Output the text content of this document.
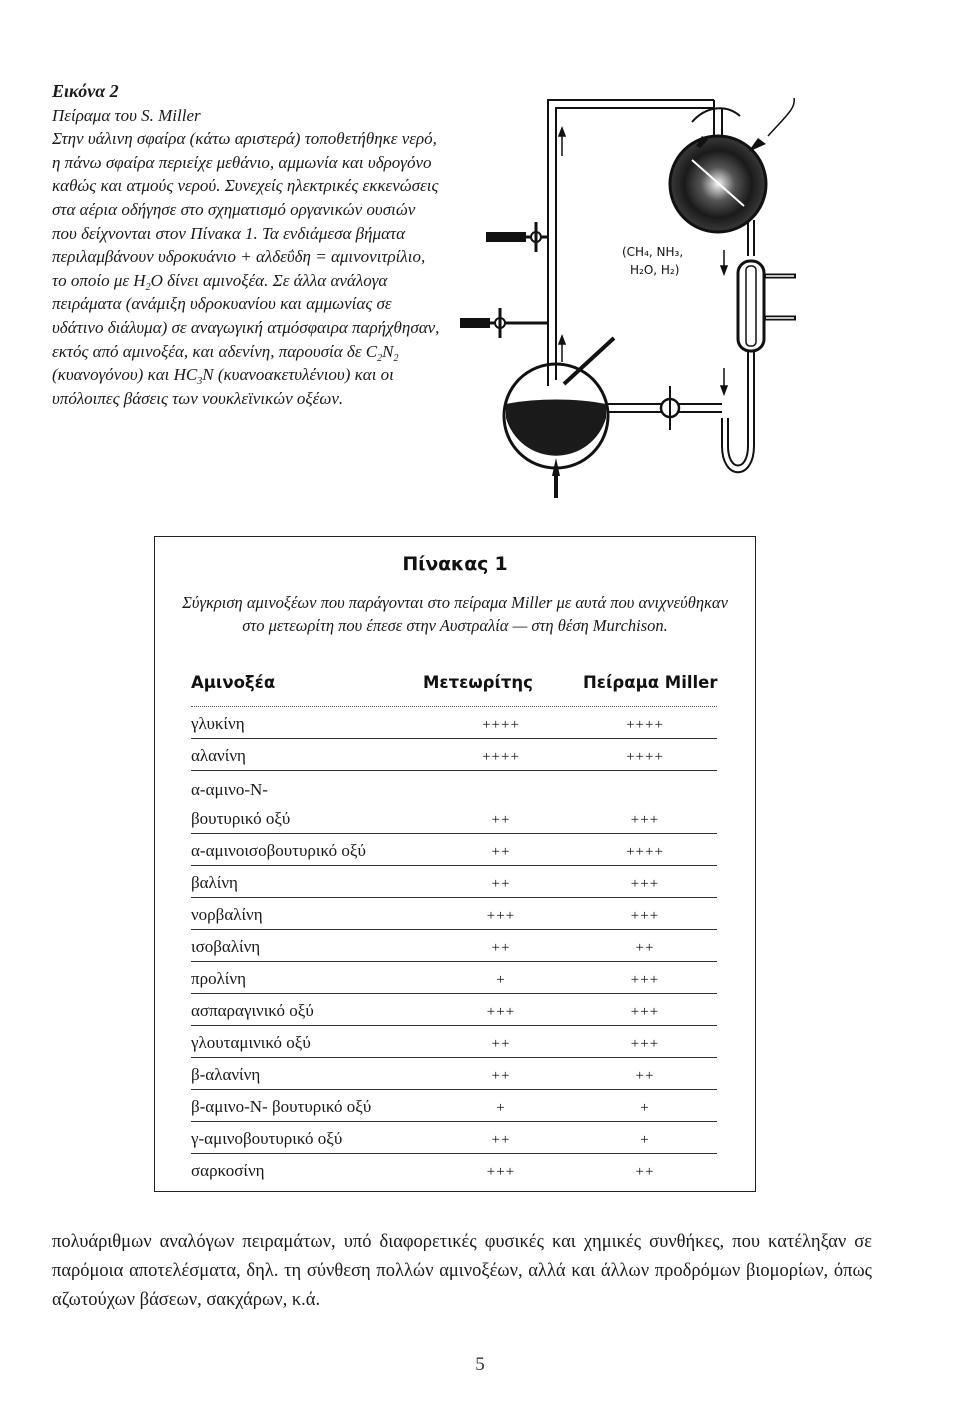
Εικόνα 2
Πείραμα του S. Miller
Στην υάλινη σφαίρα (κάτω αριστερά) τοποθετήθηκε νερό, η πάνω σφαίρα περιείχε μεθάνιο, αμμωνία και υδρογόνο καθώς και ατμούς νερού. Συνεχείς ηλεκτρικές εκκενώσεις στα αέρια οδήγησε στο σχηματισμό οργανικών ουσιών που δείχνονται στον Πίνακα 1. Τα ενδιάμεσα βήματα περιλαμβάνουν υδροκυάνιο + αλδεΰδη = αμινονιτρίλιο, το οποίο με $H_2O$ δίνει αμινοξέα. Σε άλλα ανάλογα πειράματα (ανάμιξη υδροκυανίου και αμμωνίας σε υδάτινο διάλυμα) σε αναγωγική ατμόσφαιρα παρήχθησαν, εκτός από αμινοξέα, και αδενίνη, παρουσία δε $C_2N_2$ (κυανογόνου) και $HC_3N$ (κυανοακετυλένιου) και οι υπόλοιπες βάσεις των νουκλεϊνικών οξέων.
(CH₄, NH₃,
H₂O, H₂)
Πίνακας 1
Σύγκριση αμινοξέων που παράγονται στο πείραμα Miller με αυτά που ανιχνεύθηκαν
στο μετεωρίτη που έπεσε στην Αυστραλία — στη θέση Murchison.
Αμινοξέα	Μετεωρίτης	Πείραμα Miller
γλυκίνη	++++	++++
αλανίνη	++++	++++
α-αμινο-Ν-
βουτυρικό οξύ	++	+++
α-αμινοισοβουτυρικό οξύ	++	++++
βαλίνη	++	+++
νορβαλίνη	+++	+++
ισοβαλίνη	++	++
προλίνη	+	+++
ασπαραγινικό οξύ	+++	+++
γλουταμινικό οξύ	++	+++
β-αλανίνη	++	++
β-αμινο-Ν- βουτυρικό οξύ	+	+
γ-αμινοβουτυρικό οξύ	++	+
σαρκοσίνη	+++	++
πολυάριθμων αναλόγων πειραμάτων, υπό διαφορετικές φυσικές και χημικές συνθήκες, που κατέληξαν σε παρόμοια αποτελέσματα, δηλ. τη σύνθεση πολλών αμινοξέων, αλλά και άλλων προδρόμων βιομορίων, όπως αζωτούχων βάσεων, σακχάρων, κ.ά.
5
